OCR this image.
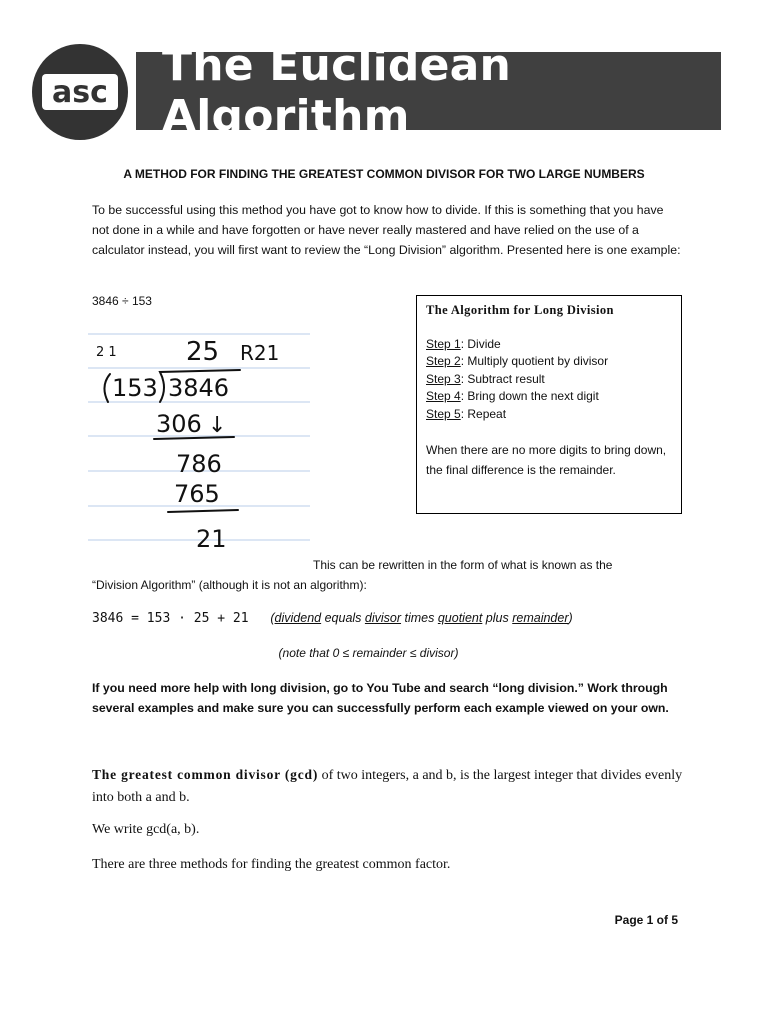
asc
The Euclidean Algorithm
A METHOD FOR FINDING THE GREATEST COMMON DIVISOR FOR TWO LARGE NUMBERS

To be successful using this method you have got to know how to divide. If this is something that you have not done in a while and have forgotten or have never really mastered and have relied on the use of a calculator instead, you will first want to review the “Long Division” algorithm. Presented here is one example:

3846 ÷ 153
2 1	25 R21
153 3846
306 ↓
786
765
21
The Algorithm for Long Division
Step 1: Divide
Step 2: Multiply quotient by divisor
Step 3: Subtract result
Step 4: Bring down the next digit
Step 5: Repeat
When there are no more digits to bring down, the final difference is the remainder.
This can be rewritten in the form of what is known as the
“Division Algorithm” (although it is not an algorithm):
3846 = 153 · 25 + 21 (dividend equals divisor times quotient plus remainder)
(note that 0 ≤ remainder ≤ divisor)
If you need more help with long division, go to You Tube and search “long division.” Work through several examples and make sure you can successfully perform each example viewed on your own.
The greatest common divisor (gcd) of two integers, a and b, is the largest integer that divides evenly into both a and b.
We write gcd(a, b).
There are three methods for finding the greatest common factor.
Page 1 of 5
